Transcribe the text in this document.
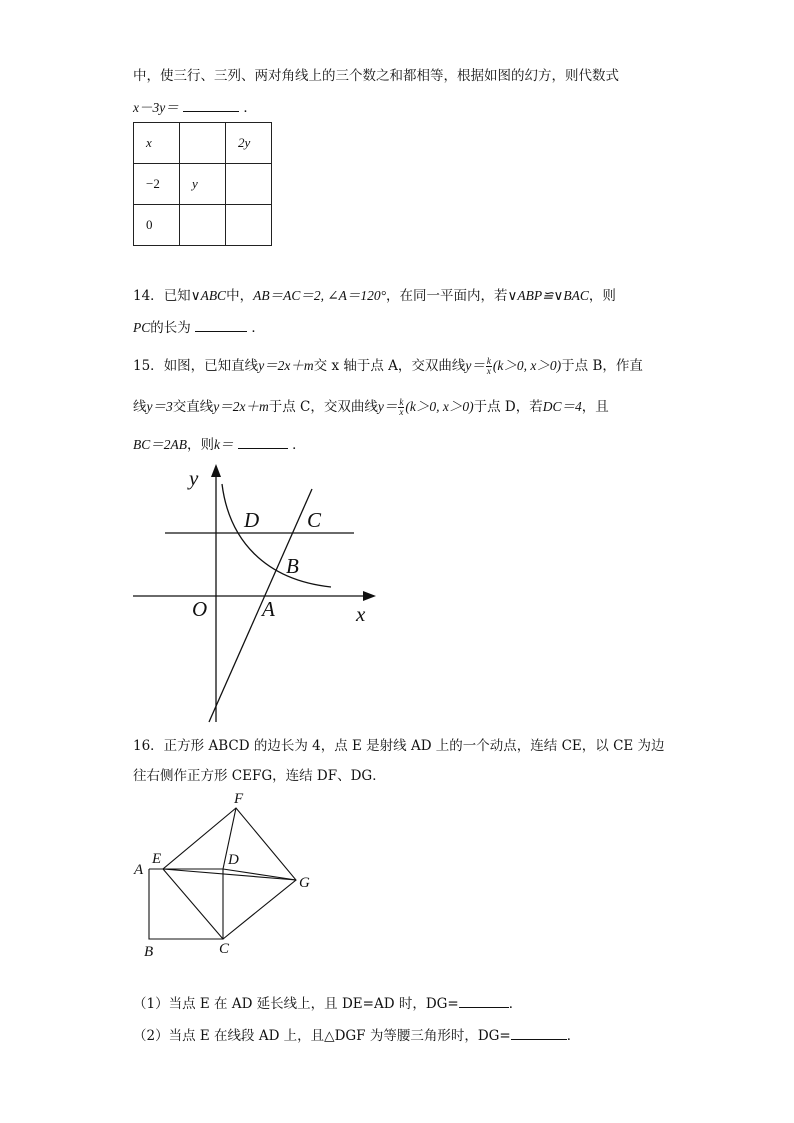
中，使三行、三列、两对角线上的三个数之和都相等，根据如图的幻方，则代数式
x－3y＝	．
x		2y
−2	y	
0		
14．已知∨ABC中，AB＝AC＝2, ∠A＝120°，在同一平面内，若∨ABP≌∨BAC，则
PC的长为	．
15．如图，已知直线y＝2x＋m交 x 轴于点 A，交双曲线$y= \frac{k}{x} (k>0$, x＞0)于点 B，作直
线y＝3交直线y＝2x＋m于点 C，交双曲线$y= \frac{k}{x} (k>0$, x＞0)于点 D，若DC＝4，且
BC＝2AB，则k＝	．
y
x
O	A
B
C
D
16．正方形 ABCD 的边长为 4，点 E 是射线 AD 上的一个动点，连结 CE，以 CE 为边
往右侧作正方形 CEFG，连结 DF、DG．
A
B	C
D
E
F
G
（1）当点 E 在 AD 延长线上，且 DE=AD 时，DG=	．
（2）当点 E 在线段 AD 上，且△DGF 为等腰三角形时，DG=	．
